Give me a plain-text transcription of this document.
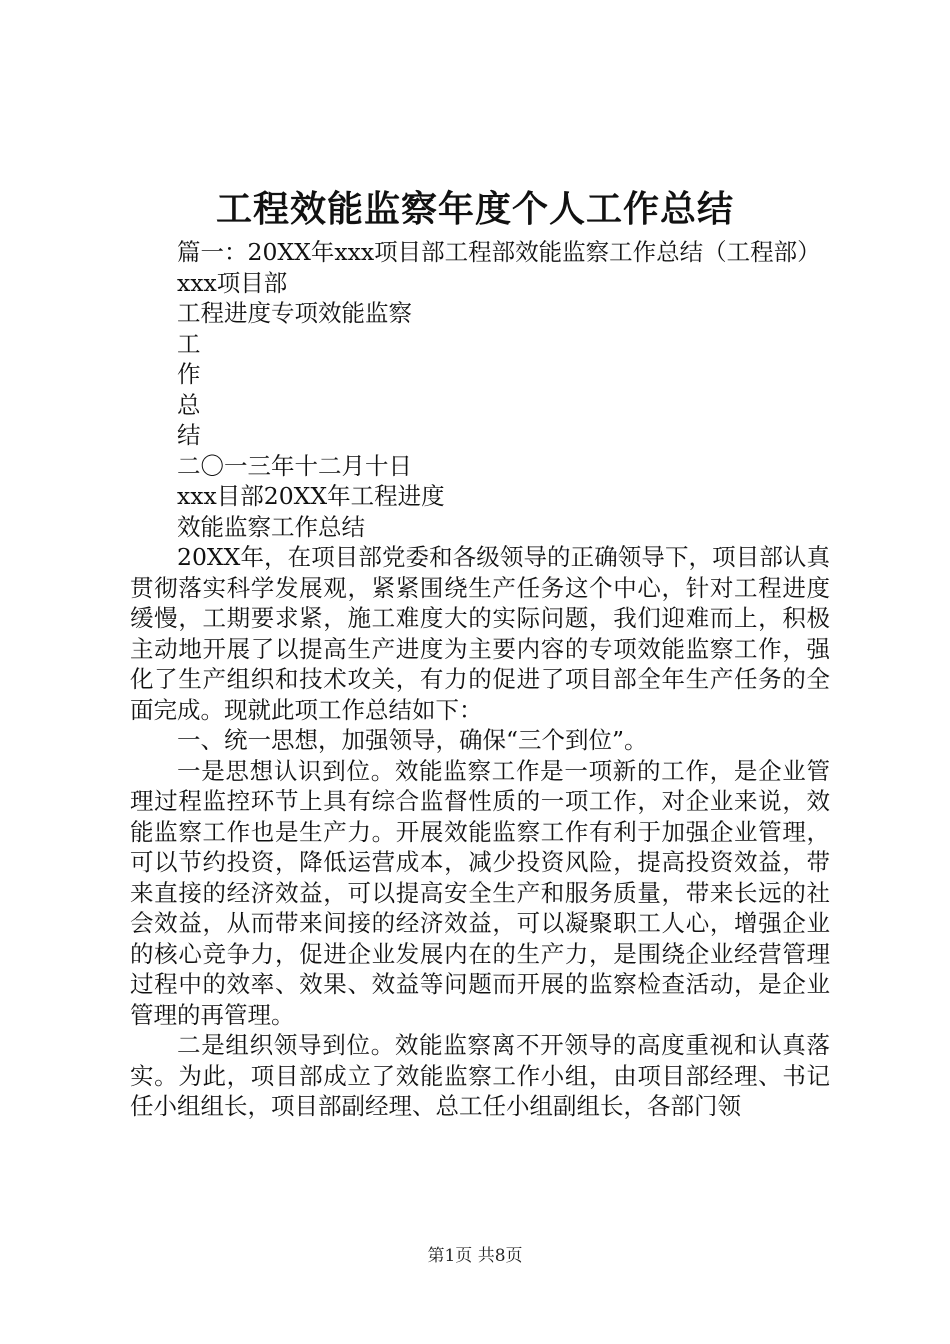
工程效能监察年度个人工作总结

篇一：20XX年xxx项目部工程部效能监察工作总结（工程部）

xxx项目部

工程进度专项效能监察

工

作

总

结

二〇一三年十二月十日

xxx目部20XX年工程进度

效能监察工作总结

20XX年，在项目部党委和各级领导的正确领导下，项目部认真贯彻落实科学发展观，紧紧围绕生产任务这个中心，针对工程进度缓慢，工期要求紧，施工难度大的实际问题，我们迎难而上，积极主动地开展了以提高生产进度为主要内容的专项效能监察工作，强化了生产组织和技术攻关，有力的促进了项目部全年生产任务的全面完成。现就此项工作总结如下：

一、统一思想，加强领导，确保“三个到位”。

一是思想认识到位。效能监察工作是一项新的工作，是企业管理过程监控环节上具有综合监督性质的一项工作，对企业来说，效能监察工作也是生产力。开展效能监察工作有利于加强企业管理，可以节约投资，降低运营成本，减少投资风险，提高投资效益，带来直接的经济效益，可以提高安全生产和服务质量，带来长远的社会效益，从而带来间接的经济效益，可以凝聚职工人心，增强企业的核心竞争力，促进企业发展内在的生产力，是围绕企业经营管理过程中的效率、效果、效益等问题而开展的监察检查活动，是企业管理的再管理。

二是组织领导到位。效能监察离不开领导的高度重视和认真落实。为此，项目部成立了效能监察工作小组，由项目部经理、书记任小组组长，项目部副经理、总工任小组副组长，各部门领

第1页 共8页
